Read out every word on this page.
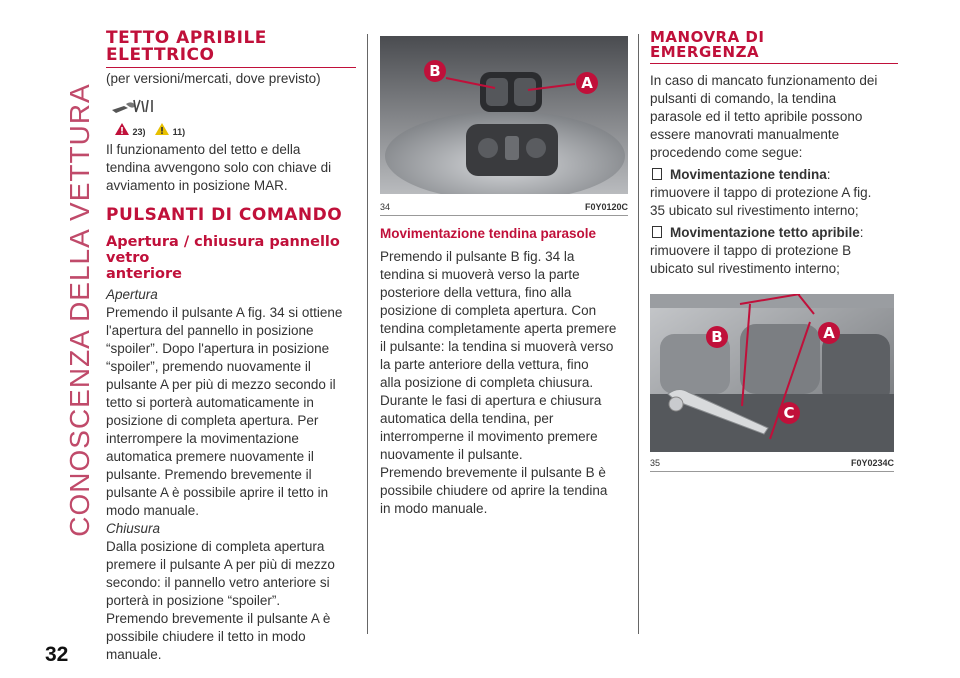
CONOSCENZA DELLA VETTURA
32
TETTO APRIBILE
ELETTRICO

(per versioni/mercati, dove previsto)

23)	11)

Il funzionamento del tetto e della

tendina avvengono solo con chiave di

avviamento in posizione MAR.

PULSANTI DI COMANDO
Apertura / chiusura pannello vetro
anteriore

Apertura

Premendo il pulsante A fig. 34 si ottiene

l'apertura del pannello in posizione

“spoiler”. Dopo l'apertura in posizione

“spoiler”, premendo nuovamente il

pulsante A per più di mezzo secondo il

tetto si porterà automaticamente in

posizione di completa apertura. Per

interrompere la movimentazione

automatica premere nuovamente il

pulsante. Premendo brevemente il

pulsante A è possibile aprire il tetto in

modo manuale.

Chiusura

Dalla posizione di completa apertura

premere il pulsante A per più di mezzo

secondo: il pannello vetro anteriore si

porterà in posizione “spoiler”.

Premendo brevemente il pulsante A è

possibile chiudere il tetto in modo

manuale.

B
A
34	F0Y0120C
Movimentazione tendina parasole

Premendo il pulsante B fig. 34 la

tendina si muoverà verso la parte

posteriore della vettura, fino alla

posizione di completa apertura. Con

tendina completamente aperta premere

il pulsante: la tendina si muoverà verso

la parte anteriore della vettura, fino

alla posizione di completa chiusura.

Durante le fasi di apertura e chiusura

automatica della tendina, per

interromperne il movimento premere

nuovamente il pulsante.

Premendo brevemente il pulsante B è

possibile chiudere od aprire la tendina

in modo manuale.

MANOVRA DI
EMERGENZA

In caso di mancato funzionamento dei

pulsanti di comando, la tendina

parasole ed il tetto apribile possono

essere manovrati manualmente

procedendo come segue:

Movimentazione tendina:

rimuovere il tappo di protezione A fig.

35 ubicato sul rivestimento interno;

Movimentazione tetto apribile:

rimuovere il tappo di protezione B

ubicato sul rivestimento interno;

B	A
C
35	F0Y0234C
